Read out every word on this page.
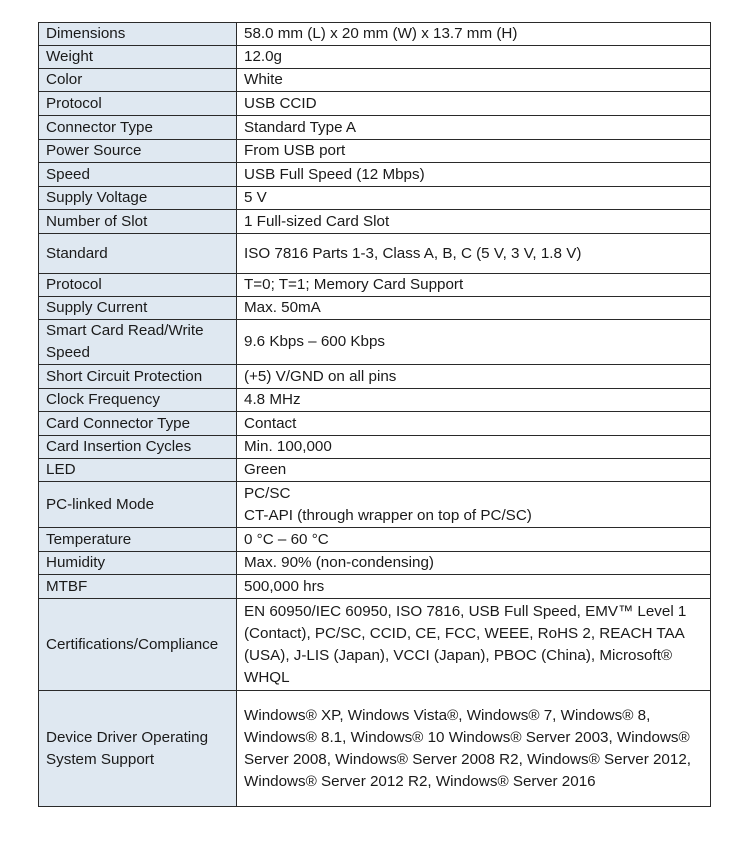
Dimensions	58.0 mm (L) x 20 mm (W) x 13.7 mm (H)

Weight	12.0g

Color	White

Protocol	USB CCID

Connector Type	Standard Type A

Power Source	From USB port

Speed	USB Full Speed (12 Mbps)

Supply Voltage	5 V

Number of Slot	1 Full-sized Card Slot

Standard	ISO 7816 Parts 1-3, Class A, B, C (5 V, 3 V, 1.8 V)

Protocol	T=0; T=1; Memory Card Support

Supply Current	Max. 50mA

Smart Card Read/Write Speed	9.6 Kbps – 600 Kbps

Short Circuit Protection	(+5) V/GND on all pins

Clock Frequency	4.8 MHz

Card Connector Type	Contact

Card Insertion Cycles	Min. 100,000

LED	Green

PC-linked Mode	PC/SC
CT-API (through wrapper on top of PC/SC)

Temperature	0 °C – 60 °C

Humidity	Max. 90% (non-condensing)

MTBF	500,000 hrs

Certifications/Compliance	EN 60950/IEC 60950, ISO 7816, USB Full Speed, EMV™ Level 1 (Contact), PC/SC, CCID, CE, FCC, WEEE, RoHS 2, REACH TAA (USA), J-LIS (Japan), VCCI (Japan), PBOC (China), Microsoft® WHQL

Device Driver Operating System Support	Windows® XP, Windows Vista®, Windows® 7, Windows® 8, Windows® 8.1, Windows® 10 Windows® Server 2003, Windows® Server 2008, Windows® Server 2008 R2, Windows® Server 2012, Windows® Server 2012 R2, Windows® Server 2016
